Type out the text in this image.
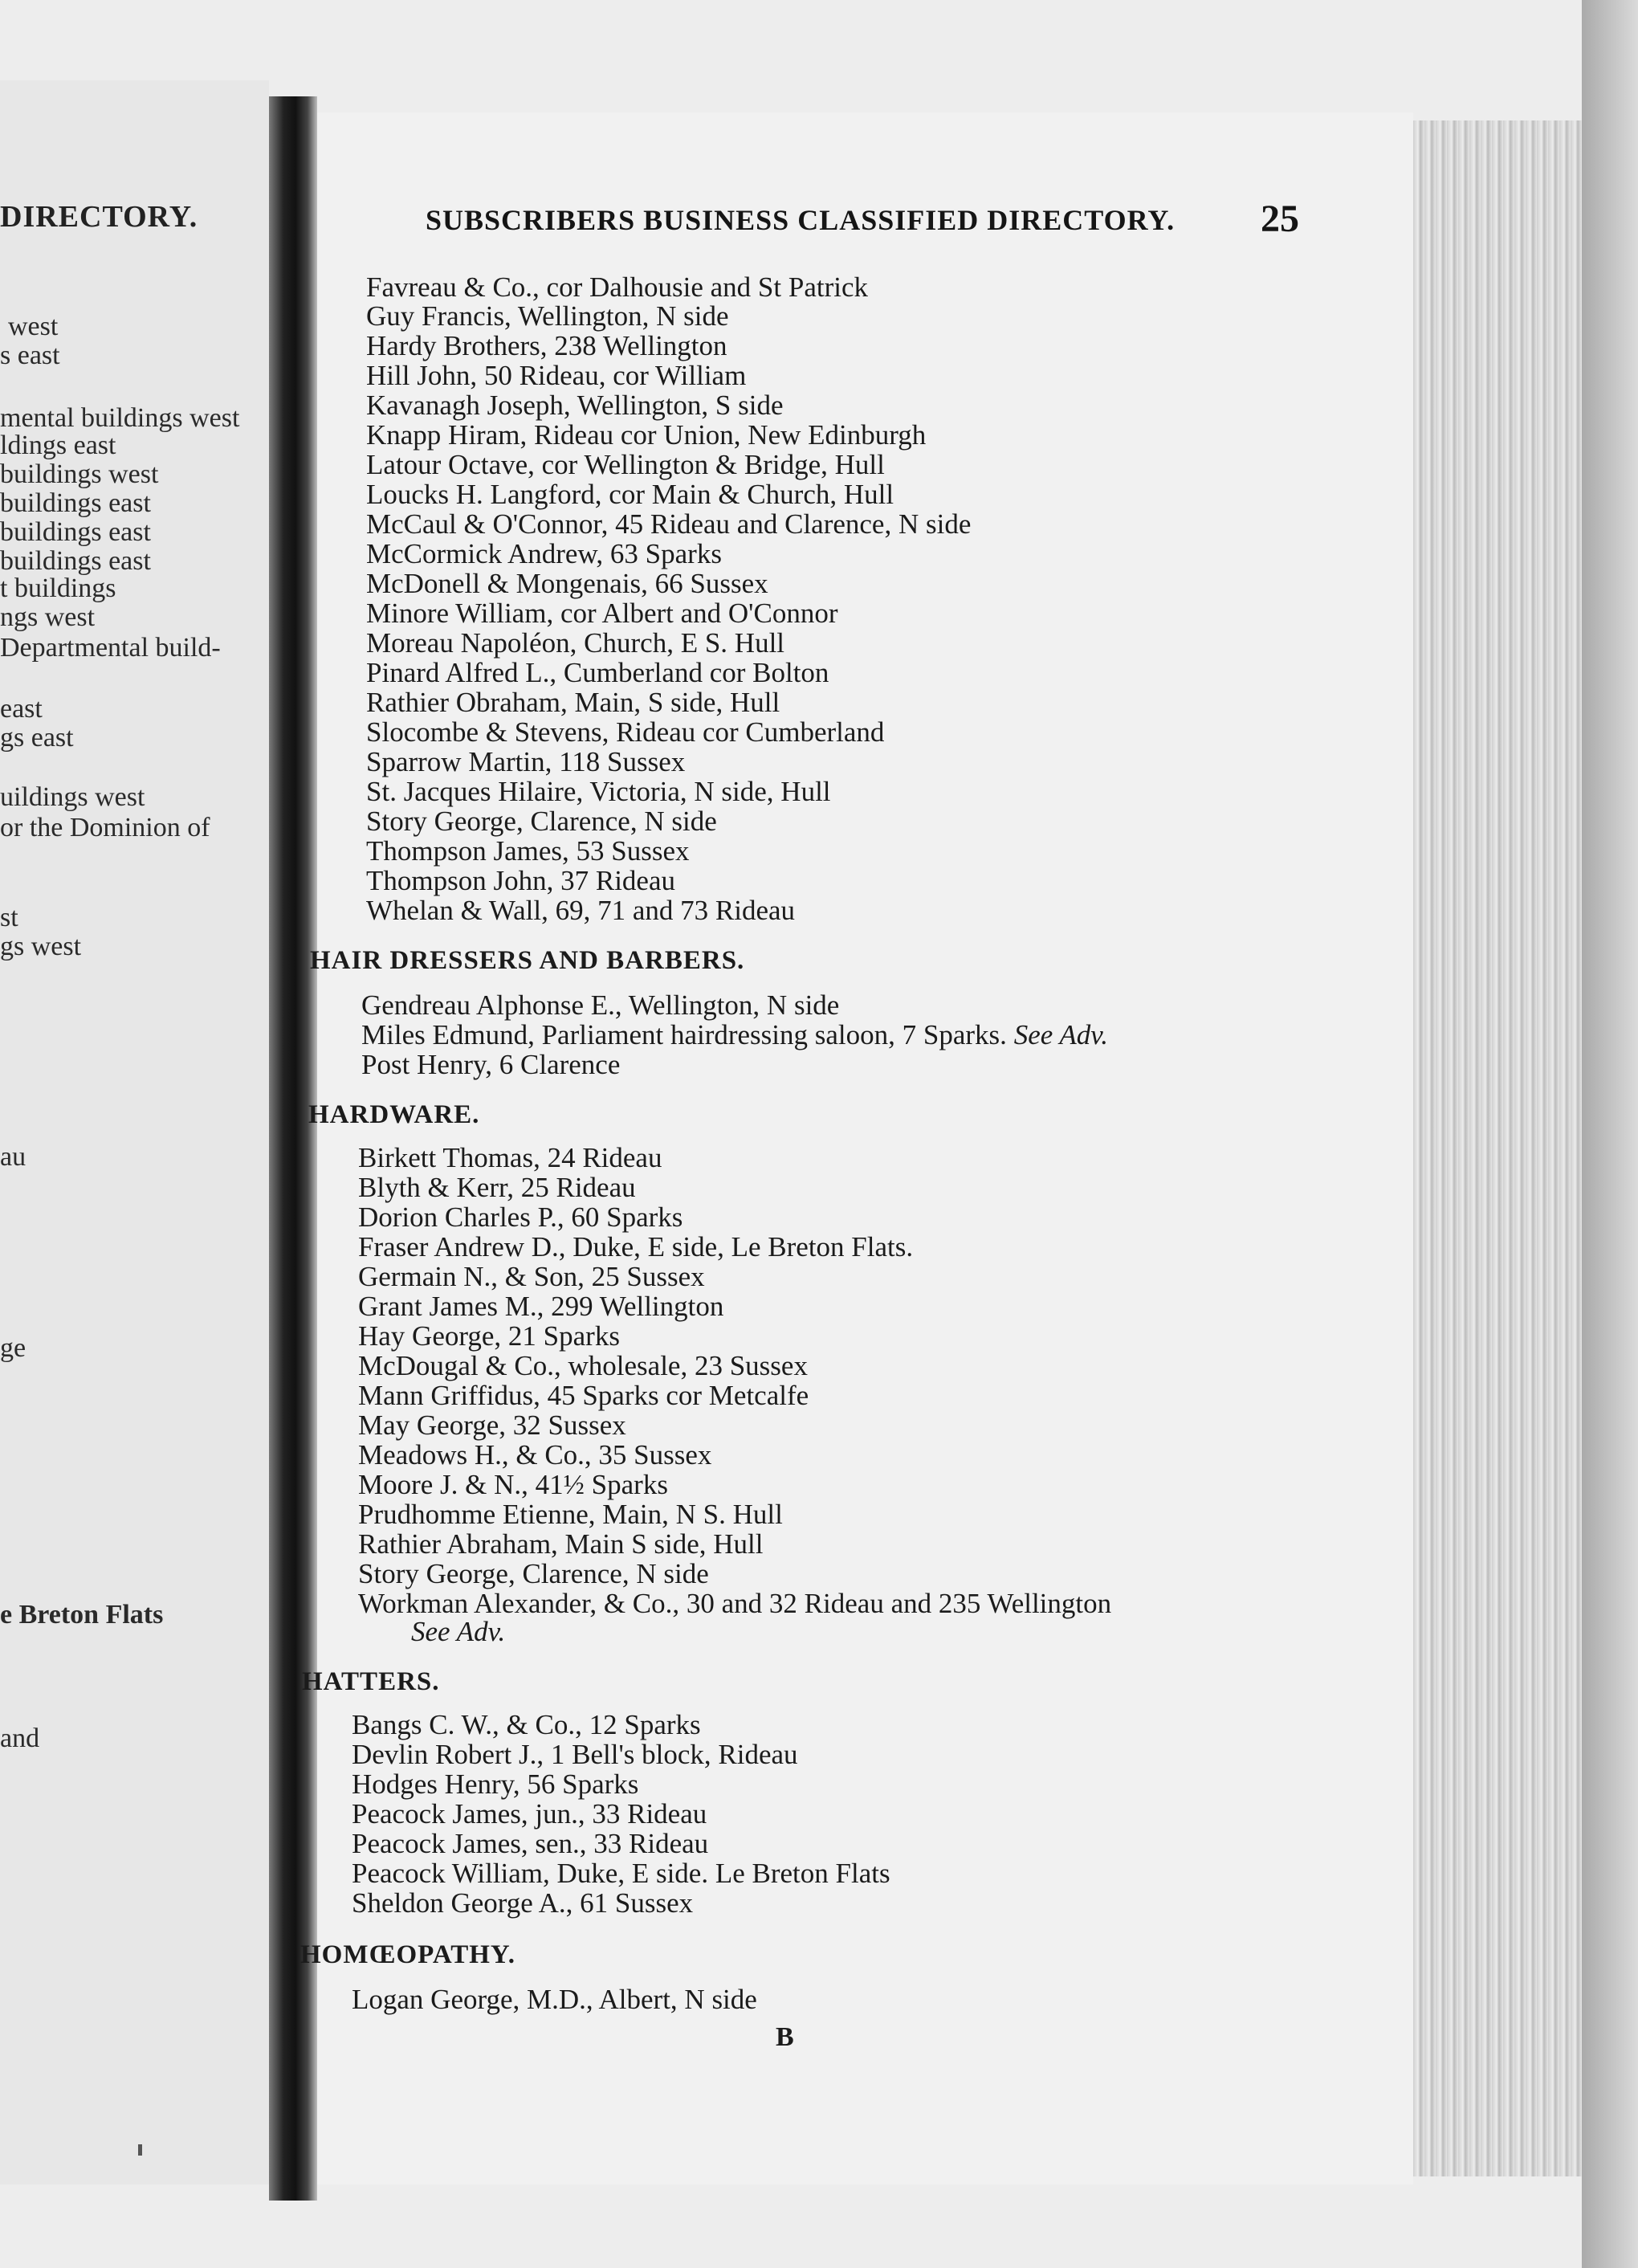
DIRECTORY.
west
s east
mental buildings west
ldings east
buildings west
buildings east
buildings east
buildings east
t buildings
ngs west
Departmental build-
east
gs east
uildings west
or the Dominion of
st
gs west
au
ge
e Breton Flats
and
SUBSCRIBERS BUSINESS CLASSIFIED DIRECTORY. 25
Favreau & Co., cor Dalhousie and St Patrick
Guy Francis, Wellington, N side
Hardy Brothers, 238 Wellington
Hill John, 50 Rideau, cor William
Kavanagh Joseph, Wellington, S side
Knapp Hiram, Rideau cor Union, New Edinburgh
Latour Octave, cor Wellington & Bridge, Hull
Loucks H. Langford, cor Main & Church, Hull
McCaul & O'Connor, 45 Rideau and Clarence, N side
McCormick Andrew, 63 Sparks
McDonell & Mongenais, 66 Sussex
Minore William, cor Albert and O'Connor
Moreau Napoléon, Church, E S. Hull
Pinard Alfred L., Cumberland cor Bolton
Rathier Obraham, Main, S side, Hull
Slocombe & Stevens, Rideau cor Cumberland
Sparrow Martin, 118 Sussex
St. Jacques Hilaire, Victoria, N side, Hull
Story George, Clarence, N side
Thompson James, 53 Sussex
Thompson John, 37 Rideau
Whelan & Wall, 69, 71 and 73 Rideau
HAIR DRESSERS AND BARBERS.
Gendreau Alphonse E., Wellington, N side
Miles Edmund, Parliament hairdressing saloon, 7 Sparks. See Adv.
Post Henry, 6 Clarence
HARDWARE.
Birkett Thomas, 24 Rideau
Blyth & Kerr, 25 Rideau
Dorion Charles P., 60 Sparks
Fraser Andrew D., Duke, E side, Le Breton Flats.
Germain N., & Son, 25 Sussex
Grant James M., 299 Wellington
Hay George, 21 Sparks
McDougal & Co., wholesale, 23 Sussex
Mann Griffidus, 45 Sparks cor Metcalfe
May George, 32 Sussex
Meadows H., & Co., 35 Sussex
Moore J. & N., 41½ Sparks
Prudhomme Etienne, Main, N S. Hull
Rathier Abraham, Main S side, Hull
Story George, Clarence, N side
Workman Alexander, & Co., 30 and 32 Rideau and 235 Wellington
See Adv.
HATTERS.
Bangs C. W., & Co., 12 Sparks
Devlin Robert J., 1 Bell's block, Rideau
Hodges Henry, 56 Sparks
Peacock James, jun., 33 Rideau
Peacock James, sen., 33 Rideau
Peacock William, Duke, E side. Le Breton Flats
Sheldon George A., 61 Sussex
HOMŒOPATHY.
Logan George, M.D., Albert, N side
B
